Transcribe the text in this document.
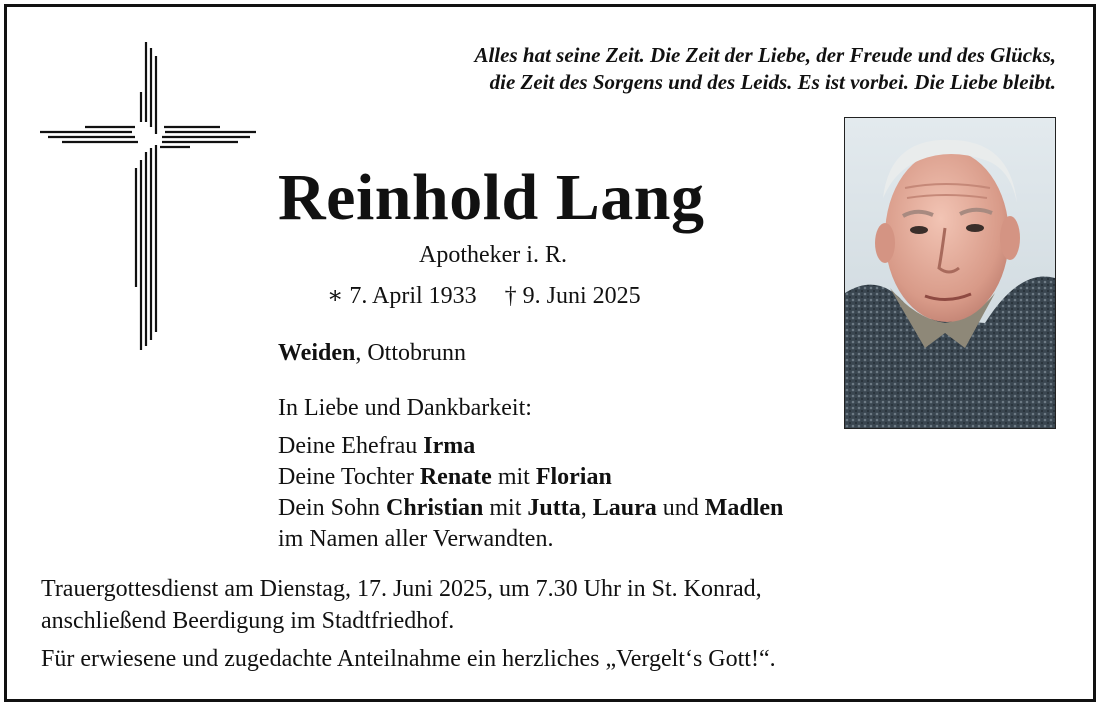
Alles hat seine Zeit. Die Zeit der Liebe, der Freude und des Glücks,
die Zeit des Sorgens und des Leids. Es ist vorbei. Die Liebe bleibt.
Reinhold Lang
Apotheker i. R.
∗ 7. April 1933 † 9. Juni 2025
Weiden, Ottobrunn
In Liebe und Dankbarkeit:
Deine Ehefrau Irma
Deine Tochter Renate mit Florian
Dein Sohn Christian mit Jutta, Laura und Madlen
im Namen aller Verwandten.
Trauergottesdienst am Dienstag, 17. Juni 2025, um 7.30 Uhr in St. Konrad,
anschließend Beerdigung im Stadtfriedhof.
Für erwiesene und zugedachte Anteilnahme ein herzliches „Vergelt‘s Gott!“.
